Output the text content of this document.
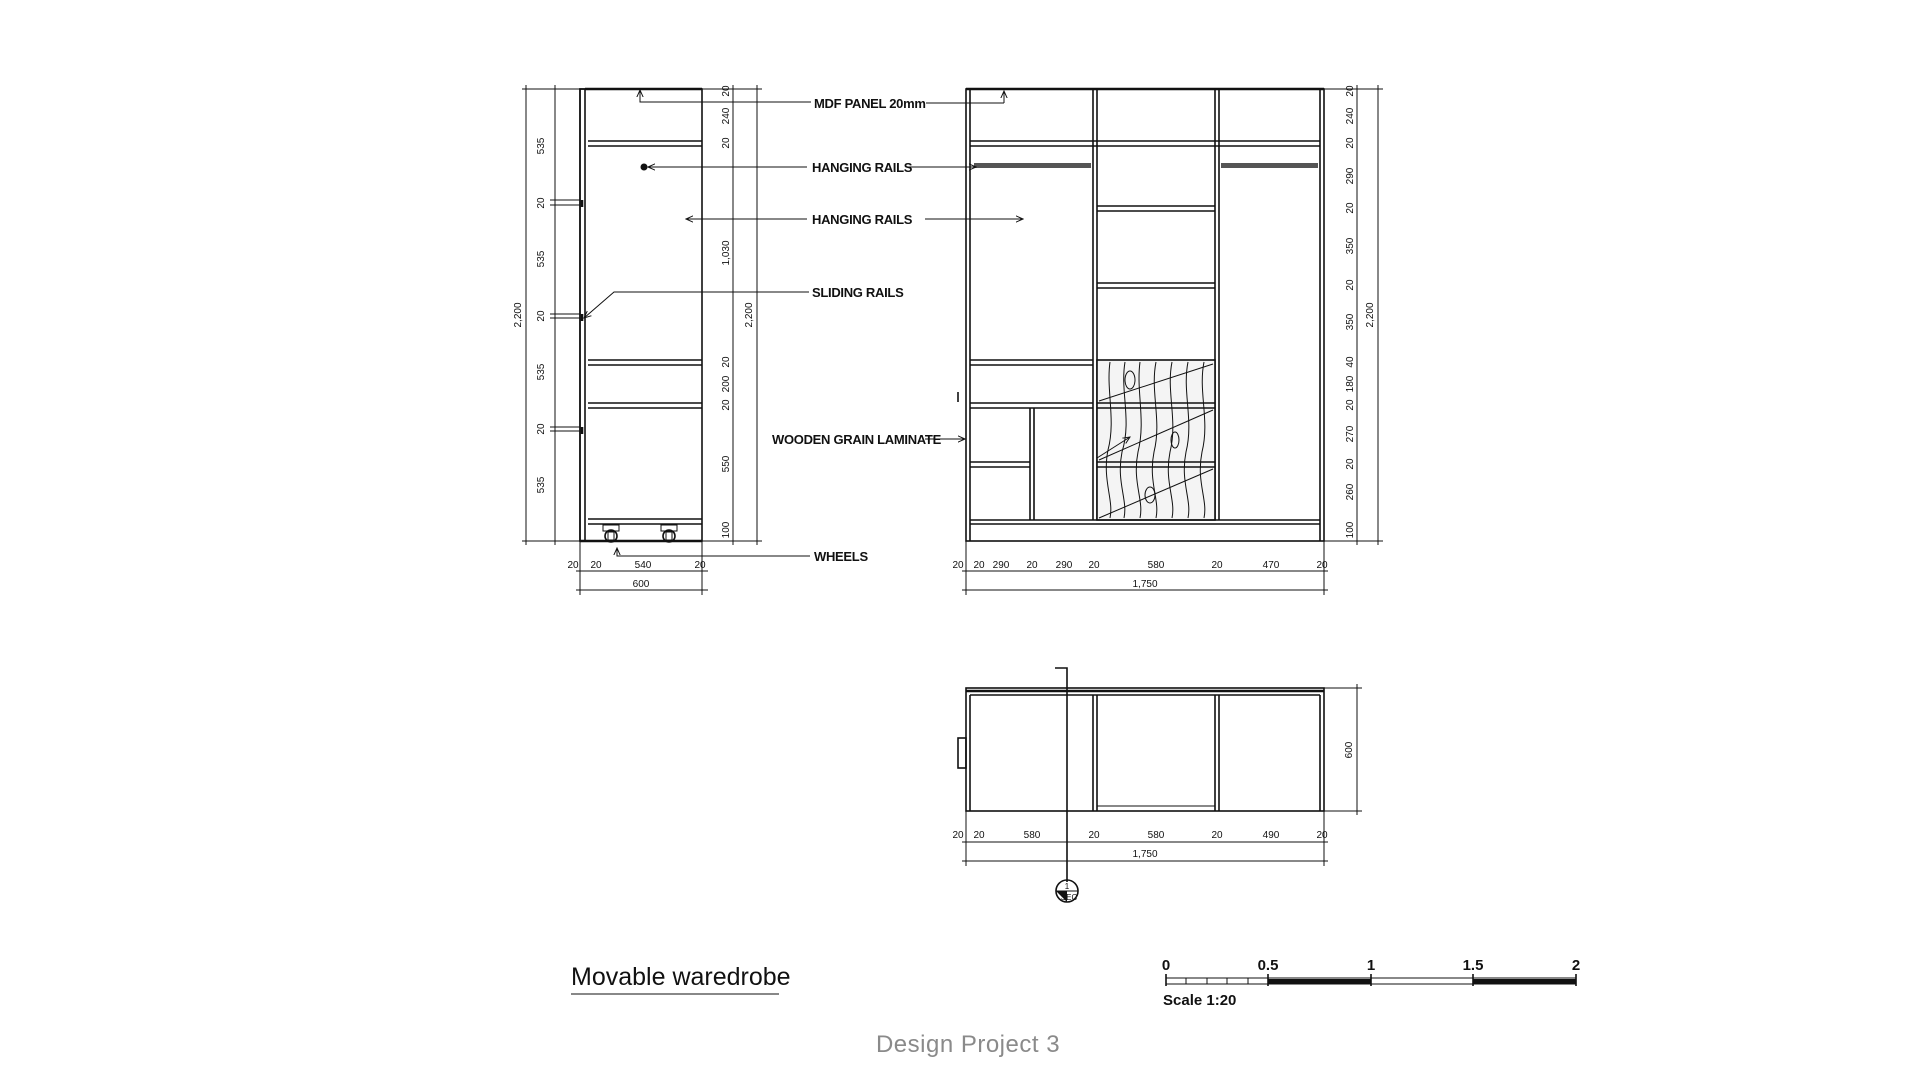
535
20
535
20
535
20
535
2,200
20
240
20
1,030
20
200
20
550
100
2,200
20 20	540	20
600
20
240
20
290
20
350
20
350
40
180
20
270
20
260
100
2,200
20 20 290 20 290 20	580	20	470	20
1,750
MDF PANEL 20mm
HANGING RAILS
HANGING RAILS
SLIDING RAILS
WOODEN GRAIN LAMINATE
WHEELS
1
SEC
600
20 20	580	20	580	20	490	20
1,750
Movable waredrobe	0	0.5	1	1.5	2
Scale 1:20
Design Project 3
